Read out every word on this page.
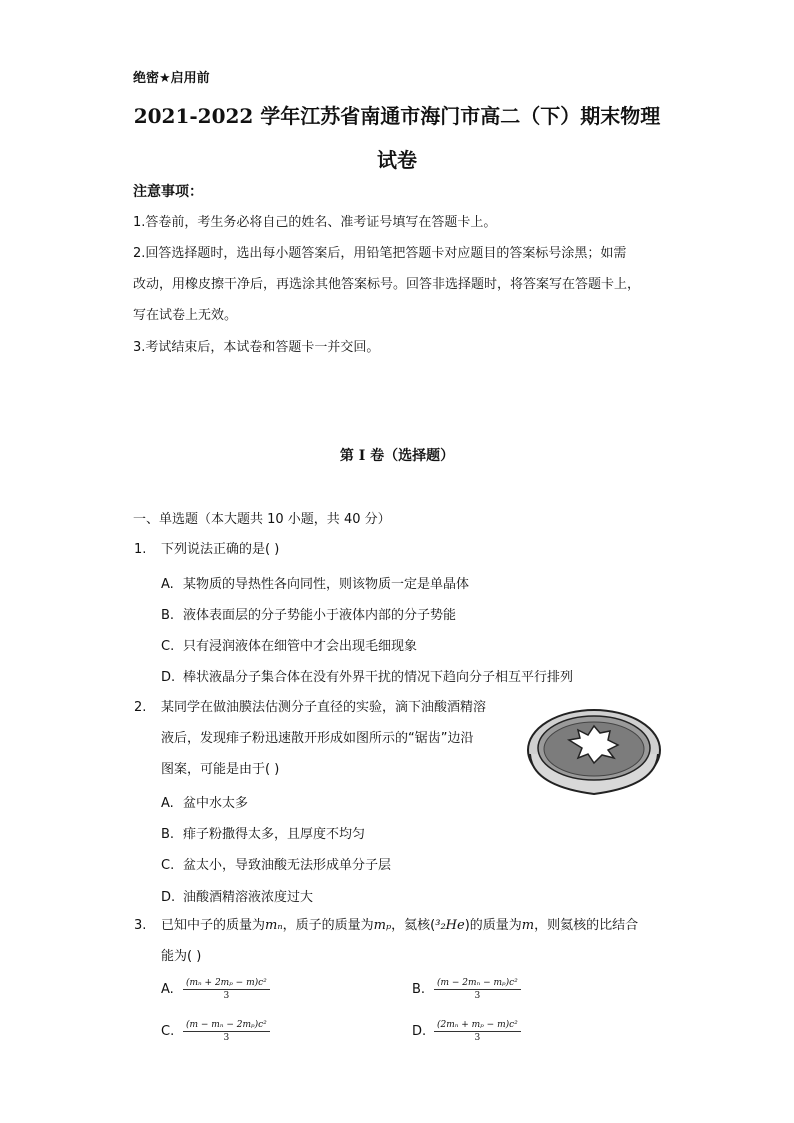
绝密★启用前
2021-2022 学年江苏省南通市海门市高二（下）期末物理
试卷
注意事项：
1.答卷前，考生务必将自己的姓名、准考证号填写在答题卡上。
2.回答选择题时，选出每小题答案后，用铅笔把答题卡对应题目的答案标号涂黑；如需
改动，用橡皮擦干净后，再选涂其他答案标号。回答非选择题时，将答案写在答题卡上，
写在试卷上无效。
3.考试结束后，本试卷和答题卡一并交回。
第 I 卷（选择题）
一、单选题（本大题共 10 小题，共 40 分）
1. 下列说法正确的是( )
A. 某物质的导热性各向同性，则该物质一定是单晶体
B. 液体表面层的分子势能小于液体内部的分子势能
C. 只有浸润液体在细管中才会出现毛细现象
D. 棒状液晶分子集合体在没有外界干扰的情况下趋向分子相互平行排列
2. 某同学在做油膜法估测分子直径的实验，滴下油酸酒精溶
液后，发现痱子粉迅速散开形成如图所示的“锯齿”边沿
图案，可能是由于( )
A. 盆中水太多
B. 痱子粉撒得太多，且厚度不均匀
C. 盆太小，导致油酸无法形成单分子层
D. 油酸酒精溶液浓度过大
3. 已知中子的质量为mₙ，质子的质量为mₚ，氦核(³₂He)的质量为m，则氦核的比结合
能为( )
A. $\frac{\text{(mₙ + 2mₚ − m)c²}}{3}$	B. $\frac{\text{(m − 2mₙ − mₚ)c²}}{3}$
C. $\frac{\text{(m − mₙ − 2mₚ)c²}}{3}$	D. $\frac{\text{(2mₙ + mₚ − m)c²}}{3}$
